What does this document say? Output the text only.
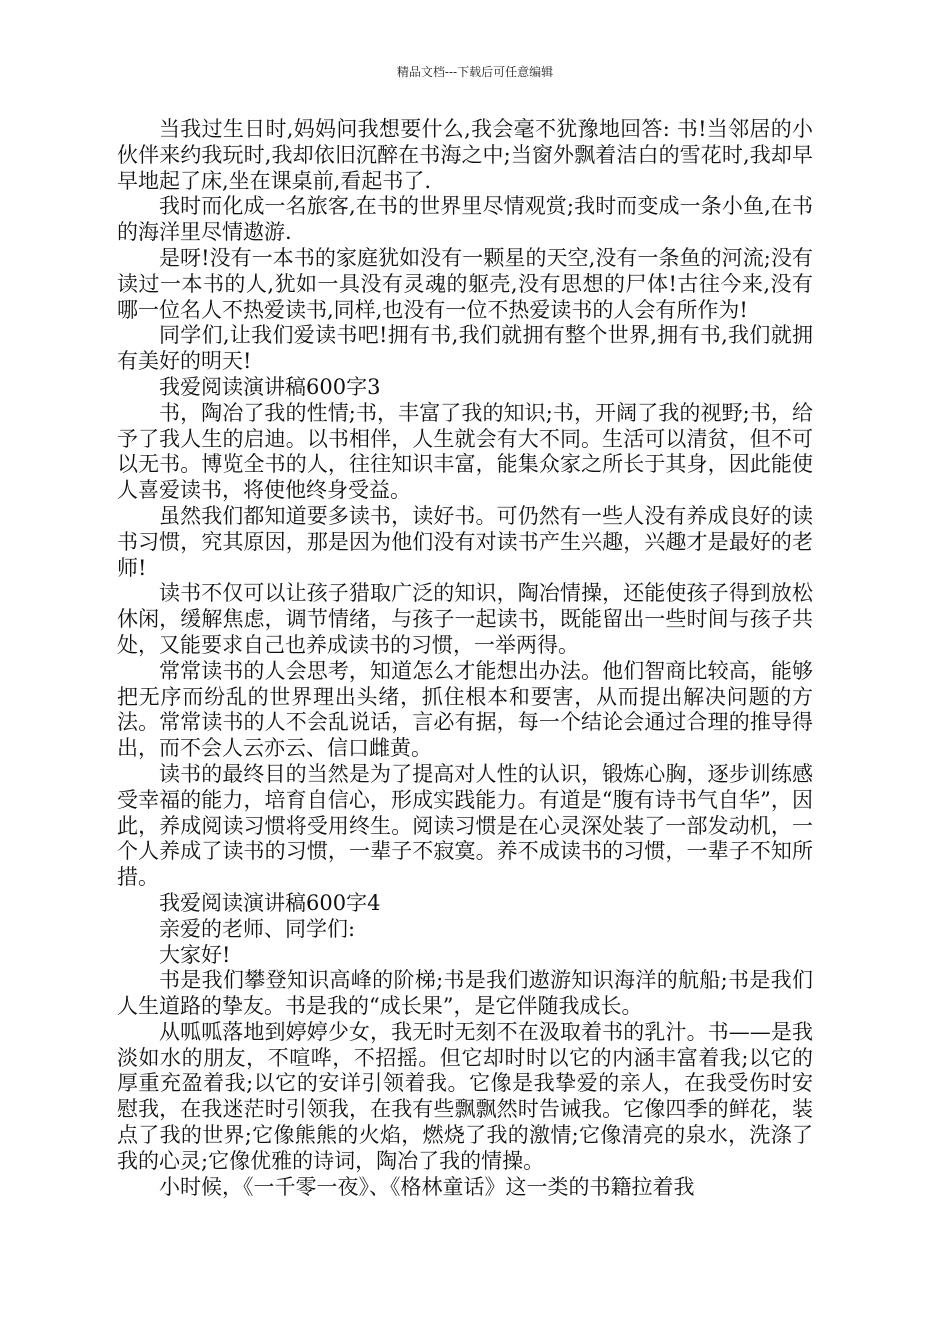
精品文档---下载后可任意编辑

当我过生日时,妈妈问我想要什么,我会毫不犹豫地回答: 书!当邻居的小伙伴来约我玩时,我却依旧沉醉在书海之中;当窗外飘着洁白的雪花时,我却早早地起了床,坐在课桌前,看起书了.

我时而化成一名旅客,在书的世界里尽情观赏;我时而变成一条小鱼,在书的海洋里尽情遨游.

是呀!没有一本书的家庭犹如没有一颗星的天空,没有一条鱼的河流;没有读过一本书的人,犹如一具没有灵魂的躯壳,没有思想的尸体!古往今来,没有哪一位名人不热爱读书,同样,也没有一位不热爱读书的人会有所作为!

同学们,让我们爱读书吧!拥有书,我们就拥有整个世界,拥有书,我们就拥有美好的明天!

我爱阅读演讲稿600字3

书，陶冶了我的性情;书，丰富了我的知识;书，开阔了我的视野;书，给予了我人生的启迪。以书相伴，人生就会有大不同。生活可以清贫，但不可以无书。博览全书的人，往往知识丰富，能集众家之所长于其身，因此能使人喜爱读书，将使他终身受益。

虽然我们都知道要多读书，读好书。可仍然有一些人没有养成良好的读书习惯，究其原因，那是因为他们没有对读书产生兴趣，兴趣才是最好的老师!

读书不仅可以让孩子猎取广泛的知识，陶冶情操，还能使孩子得到放松休闲，缓解焦虑，调节情绪，与孩子一起读书，既能留出一些时间与孩子共处，又能要求自己也养成读书的习惯，一举两得。

常常读书的人会思考，知道怎么才能想出办法。他们智商比较高，能够把无序而纷乱的世界理出头绪，抓住根本和要害，从而提出解决问题的方法。常常读书的人不会乱说话，言必有据，每一个结论会通过合理的推导得出，而不会人云亦云、信口雌黄。

读书的最终目的当然是为了提高对人性的认识，锻炼心胸，逐步训练感受幸福的能力，培育自信心，形成实践能力。有道是“腹有诗书气自华”，因此，养成阅读习惯将受用终生。阅读习惯是在心灵深处装了一部发动机，一个人养成了读书的习惯，一辈子不寂寞。养不成读书的习惯，一辈子不知所措。

我爱阅读演讲稿600字4

亲爱的老师、同学们:

大家好!

书是我们攀登知识高峰的阶梯;书是我们遨游知识海洋的航船;书是我们人生道路的挚友。书是我的“成长果”，是它伴随我成长。

从呱呱落地到婷婷少女，我无时无刻不在汲取着书的乳汁。书——是我淡如水的朋友，不喧哗，不招摇。但它却时时以它的内涵丰富着我;以它的厚重充盈着我;以它的安详引领着我。它像是我挚爱的亲人，在我受伤时安慰我，在我迷茫时引领我，在我有些飘飘然时告诫我。它像四季的鲜花，装点了我的世界;它像熊熊的火焰，燃烧了我的激情;它像清亮的泉水，洗涤了我的心灵;它像优雅的诗词，陶冶了我的情操。

小时候，《一千零一夜》、《格林童话》这一类的书籍拉着我
